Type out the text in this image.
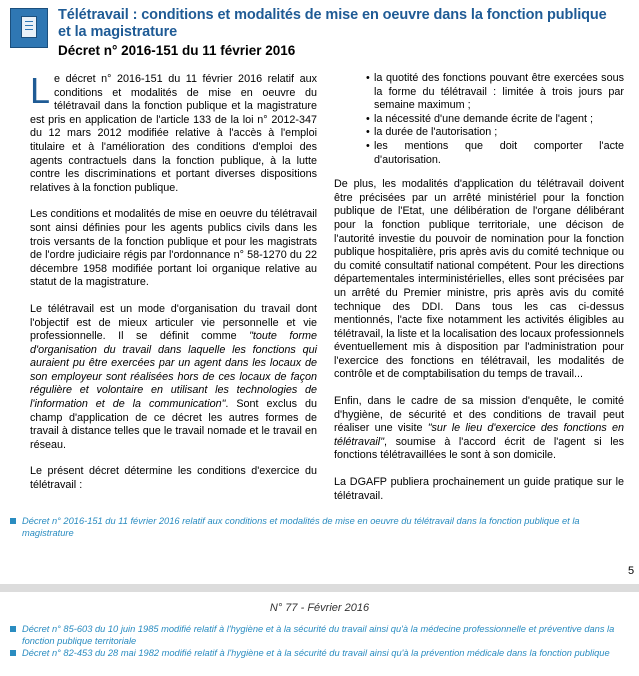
Télétravail : conditions et modalités de mise en oeuvre dans la fonction publique et la magistrature
Décret n° 2016-151 du 11 février 2016

Le décret n° 2016-151 du 11 février 2016 relatif aux conditions et modalités de mise en oeuvre du télétravail dans la fonction publique et la magistrature est pris en application de l'article 133 de la loi n° 2012-347 du 12 mars 2012 modifiée relative à l'accès à l'emploi titulaire et à l'amélioration des conditions d'emploi des agents contractuels dans la fonction publique, à la lutte contre les discriminations et portant diverses dispositions relatives à la fonction publique.

Les conditions et modalités de mise en oeuvre du télétravail sont ainsi définies pour les agents publics civils dans les trois versants de la fonction publique et pour les magistrats de l'ordre judiciaire régis par l'ordonnance n° 58-1270 du 22 décembre 1958 modifiée portant loi organique relative au statut de la magistrature.

Le télétravail est un mode d'organisation du travail dont l'objectif est de mieux articuler vie personnelle et vie professionnelle. Il se définit comme "toute forme d'organisation du travail dans laquelle les fonctions qui auraient pu être exercées par un agent dans les locaux de son employeur sont réalisées hors de ces locaux de façon régulière et volontaire en utilisant les technologies de l'information et de la communication". Sont exclus du champ d'application de ce décret les autres formes de travail à distance telles que le travail nomade et le travail en réseau.

Le présent décret détermine les conditions d'exercice du télétravail :

• la quotité des fonctions pouvant être exercées sous la forme du télétravail : limitée à trois jours par semaine maximum ;
• la nécessité d'une demande écrite de l'agent ;
• la durée de l'autorisation ;
• les mentions que doit comporter l'acte d'autorisation.

De plus, les modalités d'application du télétravail doivent être précisées par un arrêté ministériel pour la fonction publique de l'Etat, une délibération de l'organe délibérant pour la fonction publique territoriale, une décison de l'autorité investie du pouvoir de nomination pour la fonction publique hospitalière, pris après avis du comité technique ou du comité consultatif national compétent. Pour les directions départementales interministérielles, elles sont précisées par un arrêté du Premier ministre, pris après avis du comité technique des DDI. Dans tous les cas ci-dessus mentionnés, l'acte fixe notamment les activités éligibles au télétravail, la liste et la localisation des locaux professionnels éventuellement mis à disposition par l'administration pour l'exercice des fonctions en télétravail, les modalités de contrôle et de comptabilisation du temps de travail...

Enfin, dans le cadre de sa mission d'enquête, le comité d'hygiène, de sécurité et des conditions de travail peut réaliser une visite "sur le lieu d'exercice des fonctions en télétravail", soumise à l'accord écrit de l'agent si les fonctions télétravaillées le sont à son domicile.

La DGAFP publiera prochainement un guide pratique sur le télétravail.

Décret n° 2016-151 du 11 février 2016 relatif aux conditions et modalités de mise en oeuvre du télétravail dans la fonction publique et la magistrature
5
N° 77 - Février 2016
Décret n° 85-603 du 10 juin 1985 modifié relatif à l'hygiène et à la sécurité du travail ainsi qu'à la médecine professionnelle et préventive dans la fonction publique territoriale
Décret n° 82-453 du 28 mai 1982 modifié relatif à l'hygiène et à la sécurité du travail ainsi qu'à la prévention médicale dans la fonction publique
